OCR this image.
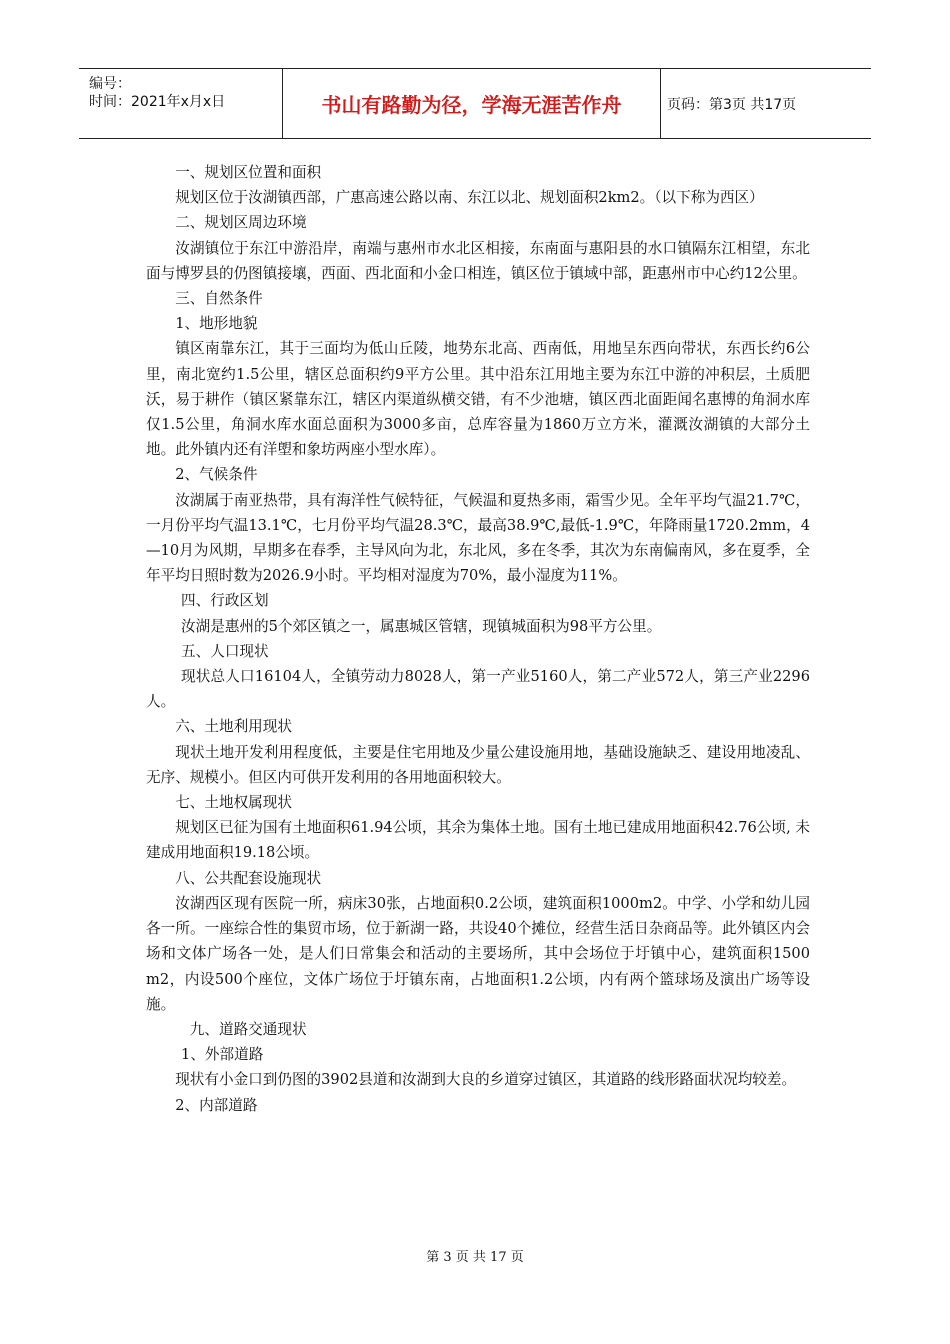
编号：
时间：2021年x月x日	书山有路勤为径，学海无涯苦作舟	页码：第3页 共17页

一、规划区位置和面积

规划区位于汝湖镇西部，广惠高速公路以南、东江以北、规划面积2km2。（以下称为西区）

二、规划区周边环境

汝湖镇位于东江中游沿岸，南端与惠州市水北区相接，东南面与惠阳县的水口镇隔东江相望，东北面与博罗县的仍图镇接壤，西面、西北面和小金口相连，镇区位于镇域中部，距惠州市中心约12公里。

三、自然条件

1、地形地貌

镇区南靠东江，其于三面均为低山丘陵，地势东北高、西南低，用地呈东西向带状，东西长约6公里，南北宽约1.5公里，辖区总面积约9平方公里。其中沿东江用地主要为东江中游的冲积层，土质肥沃，易于耕作（镇区紧靠东江，辖区内渠道纵横交错，有不少池塘，镇区西北面距闻名惠博的角洞水库仅1.5公里，角洞水库水面总面积为3000多亩，总库容量为1860万立方米，灌溉汝湖镇的大部分土地。此外镇内还有洋塱和象坊两座小型水库）。

2、气候条件

汝湖属于南亚热带，具有海洋性气候特征，气候温和夏热多雨，霜雪少见。全年平均气温21.7℃，一月份平均气温13.1℃，七月份平均气温28.3℃，最高38.9℃,最低-1.9℃，年降雨量1720.2mm，4—10月为风期，早期多在春季，主导风向为北，东北风，多在冬季，其次为东南偏南风，多在夏季，全年平均日照时数为2026.9小时。平均相对湿度为70%，最小湿度为11%。

四、行政区划

汝湖是惠州的5个郊区镇之一，属惠城区管辖，现镇城面积为98平方公里。

五、人口现状

现状总人口16104人，全镇劳动力8028人，第一产业5160人，第二产业572人，第三产业2296人。

六、土地利用现状

现状土地开发利用程度低，主要是住宅用地及少量公建设施用地，基础设施缺乏、建设用地凌乱、无序、规模小。但区内可供开发利用的各用地面积较大。

七、土地权属现状

规划区已征为国有土地面积61.94公顷，其余为集体土地。国有土地已建成用地面积42.76公顷, 未建成用地面积19.18公顷。

八、公共配套设施现状

汝湖西区现有医院一所，病床30张，占地面积0.2公顷，建筑面积1000m2。中学、小学和幼儿园各一所。一座综合性的集贸市场，位于新湖一路，共设40个摊位，经营生活日杂商品等。此外镇区内会场和文体广场各一处，是人们日常集会和活动的主要场所，其中会场位于圩镇中心，建筑面积1500 m2，内设500个座位，文体广场位于圩镇东南，占地面积1.2公顷，内有两个篮球场及演出广场等设施。

九、道路交通现状

1、外部道路

现状有小金口到仍图的3902县道和汝湖到大良的乡道穿过镇区，其道路的线形路面状况均较差。

2、内部道路

第 3 页 共 17 页
